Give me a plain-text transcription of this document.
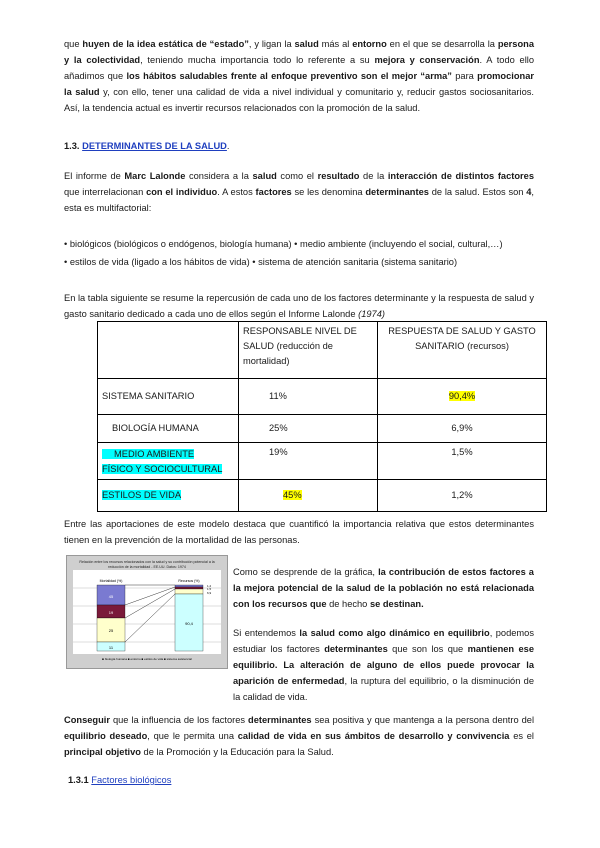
que huyen de la idea estática de “estado”, y ligan la salud más al entorno en el que se desarrolla la persona y la colectividad, teniendo mucha importancia todo lo referente a su mejora y conservación. A todo ello añadimos que los hábitos saludables frente al enfoque preventivo son el mejor “arma” para promocionar la salud y, con ello, tener una calidad de vida a nivel individual y comunitario y, reducir gastos sociosanitarios. Así, la tendencia actual es invertir recursos relacionados con la promoción de la salud.

1.3. DETERMINANTES DE LA SALUD.

El informe de Marc Lalonde considera a la salud como el resultado de la interacción de distintos factores que interrelacionan con el individuo. A estos factores se les denomina determinantes de la salud. Estos son 4, esta es multifactorial:

• biológicos (biológicos o endógenos, biología humana) • medio ambiente (incluyendo el social, cultural,…)

• estilos de vida (ligado a los hábitos de vida) • sistema de atención sanitaria (sistema sanitario)

En la tabla siguiente se resume la repercusión de cada uno de los factores determinante y la respuesta de salud y gasto sanitario dedicado a cada uno de ellos según el Informe Lalonde (1974)

	RESPONSABLE NIVEL DE SALUD (reducción de mortalidad)	RESPUESTA DE SALUD Y GASTO SANITARIO (recursos)
SISTEMA SANITARIO	11%	90,4%
BIOLOGÍA HUMANA	25%	6,9%
MEDIO AMBIENTE
FÍSICO Y SOCIOCULTURAL	19%	1,5%
ESTILOS DE VIDA	45%	1,2%

Entre las aportaciones de este modelo destaca que cuantificó la importancia relativa que estos determinantes tienen en la prevención de la mortalidad de las personas.

Relación entre los recursos relacionados con la salud y su contribución potencial a la reducción de la mortalidad - EE.UU. Datos: 1974
Mortalidad (%)	Recursos (%)
45
19
25
11
1,2
1,5
6,9
90,4
■ biología humana ■ entorno ■ estilos de vida ■ sistema asistencial

Como se desprende de la gráfica, la contribución de estos factores a la mejora potencial de la salud de la población no está relacionada con los recursos que de hecho se destinan.

Si entendemos la salud como algo dinámico en equilibrio, podemos estudiar los factores determinantes que son los que mantienen ese equilibrio. La alteración de alguno de ellos puede provocar la aparición de enfermedad, la ruptura del equilibrio, o la disminución de la calidad de vida.

Conseguir que la influencia de los factores determinantes sea positiva y que mantenga a la persona dentro del equilibrio deseado, que le permita una calidad de vida en sus ámbitos de desarrollo y convivencia es el principal objetivo de la Promoción y la Educación para la Salud.

1.3.1 Factores biológicos
